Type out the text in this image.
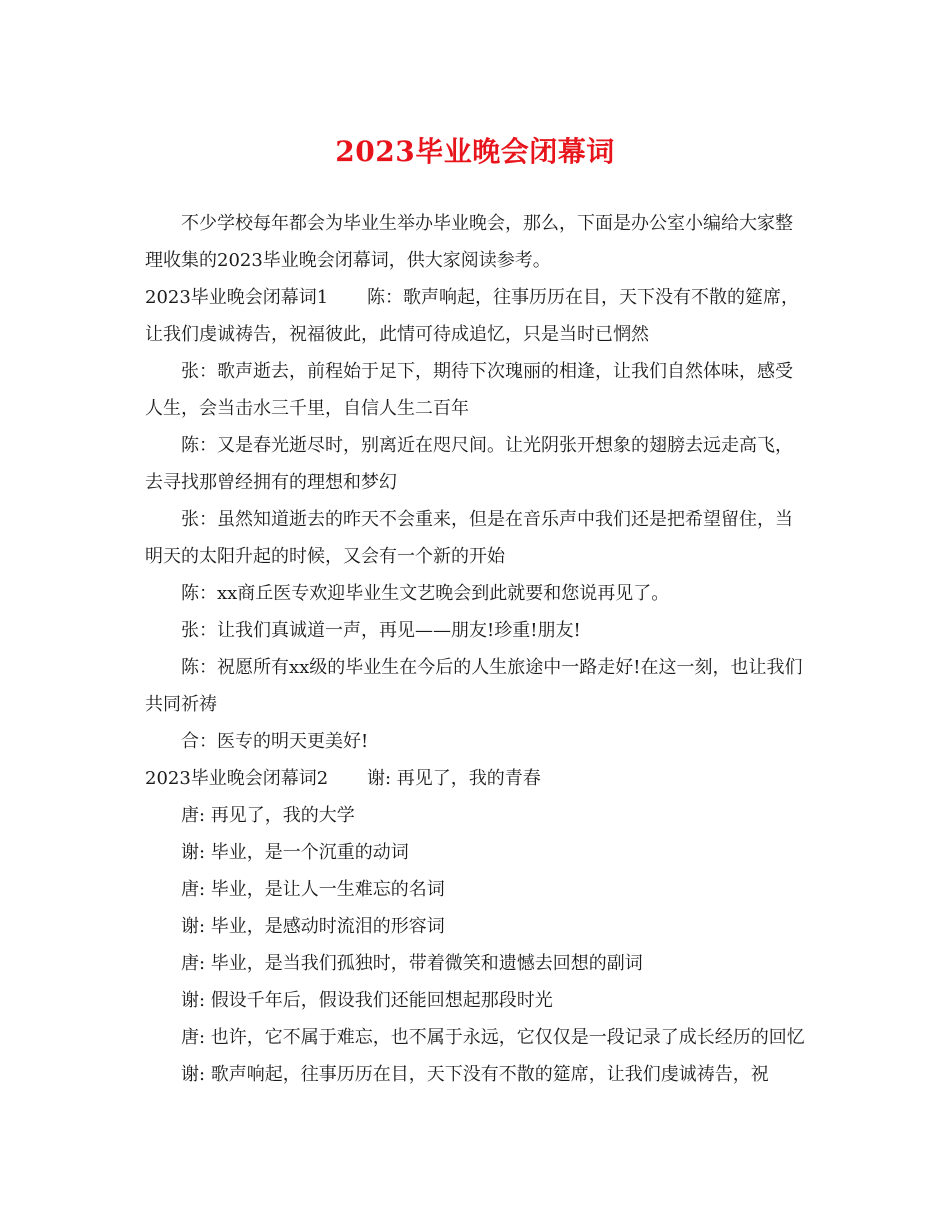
2023毕业晚会闭幕词

不少学校每年都会为毕业生举办毕业晚会，那么，下面是办公室小编给大家整理收集的2023毕业晚会闭幕词，供大家阅读参考。

2023毕业晚会闭幕词1 陈：歌声响起，往事历历在目，天下没有不散的筵席，让我们虔诚祷告，祝福彼此，此情可待成追忆，只是当时已惘然

张：歌声逝去，前程始于足下，期待下次瑰丽的相逢，让我们自然体味，感受人生，会当击水三千里，自信人生二百年

陈：又是春光逝尽时，别离近在咫尺间。让光阴张开想象的翅膀去远走高飞，去寻找那曾经拥有的理想和梦幻

张：虽然知道逝去的昨天不会重来，但是在音乐声中我们还是把希望留住，当明天的太阳升起的时候，又会有一个新的开始

陈：xx商丘医专欢迎毕业生文艺晚会到此就要和您说再见了。

张：让我们真诚道一声，再见——朋友!珍重!朋友!

陈：祝愿所有xx级的毕业生在今后的人生旅途中一路走好!在这一刻，也让我们共同祈祷

合：医专的明天更美好!

2023毕业晚会闭幕词2 谢: 再见了，我的青春

唐: 再见了，我的大学

谢: 毕业，是一个沉重的动词

唐: 毕业，是让人一生难忘的名词

谢: 毕业，是感动时流泪的形容词

唐: 毕业，是当我们孤独时，带着微笑和遗憾去回想的副词

谢: 假设千年后，假设我们还能回想起那段时光

唐: 也许，它不属于难忘，也不属于永远，它仅仅是一段记录了成长经历的回忆

谢: 歌声响起，往事历历在目，天下没有不散的筵席，让我们虔诚祷告，祝
